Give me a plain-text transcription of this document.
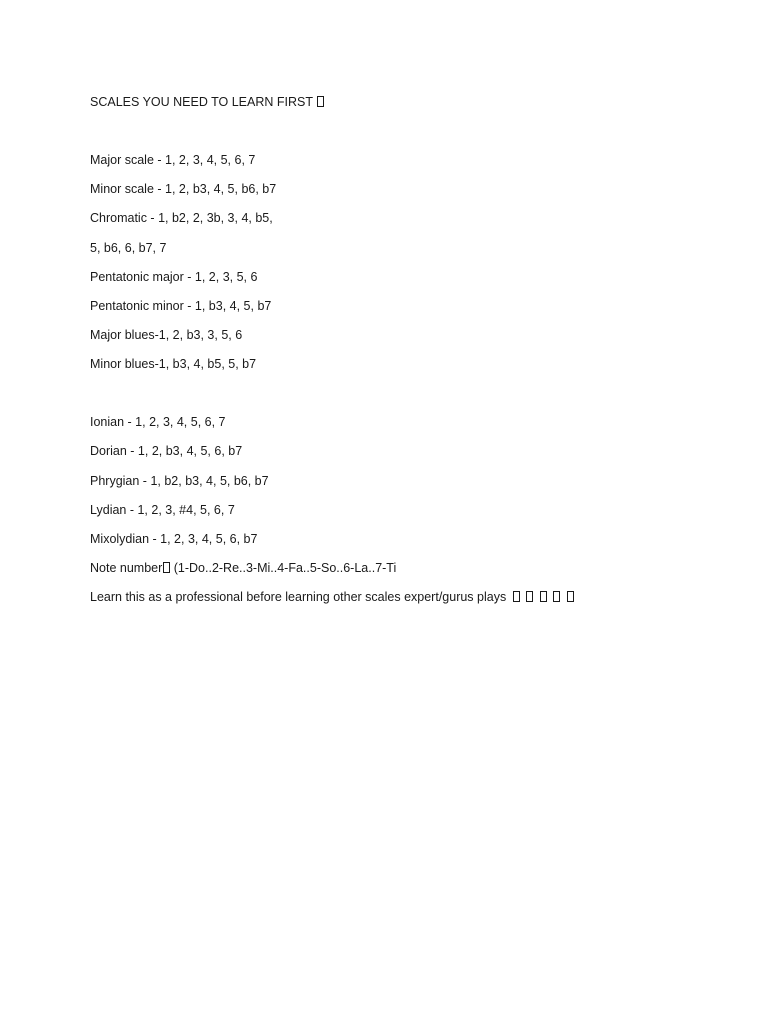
SCALES YOU NEED TO LEARN FIRST
Major scale - 1, 2, 3, 4, 5, 6, 7
Minor scale - 1, 2, b3, 4, 5, b6, b7
Chromatic - 1, b2, 2, 3b, 3, 4, b5,
5, b6, 6, b7, 7
Pentatonic major - 1, 2, 3, 5, 6
Pentatonic minor - 1, b3, 4, 5, b7
Major blues-1, 2, b3, 3, 5, 6
Minor blues-1, b3, 4, b5, 5, b7
Ionian - 1, 2, 3, 4, 5, 6, 7
Dorian - 1, 2, b3, 4, 5, 6, b7
Phrygian - 1, b2, b3, 4, 5, b6, b7
Lydian - 1, 2, 3, #4, 5, 6, 7
Mixolydian - 1, 2, 3, 4, 5, 6, b7
Note number (1-Do..2-Re..3-Mi..4-Fa..5-So..6-La..7-Ti
Learn this as a professional before learning other scales expert/gurus plays
